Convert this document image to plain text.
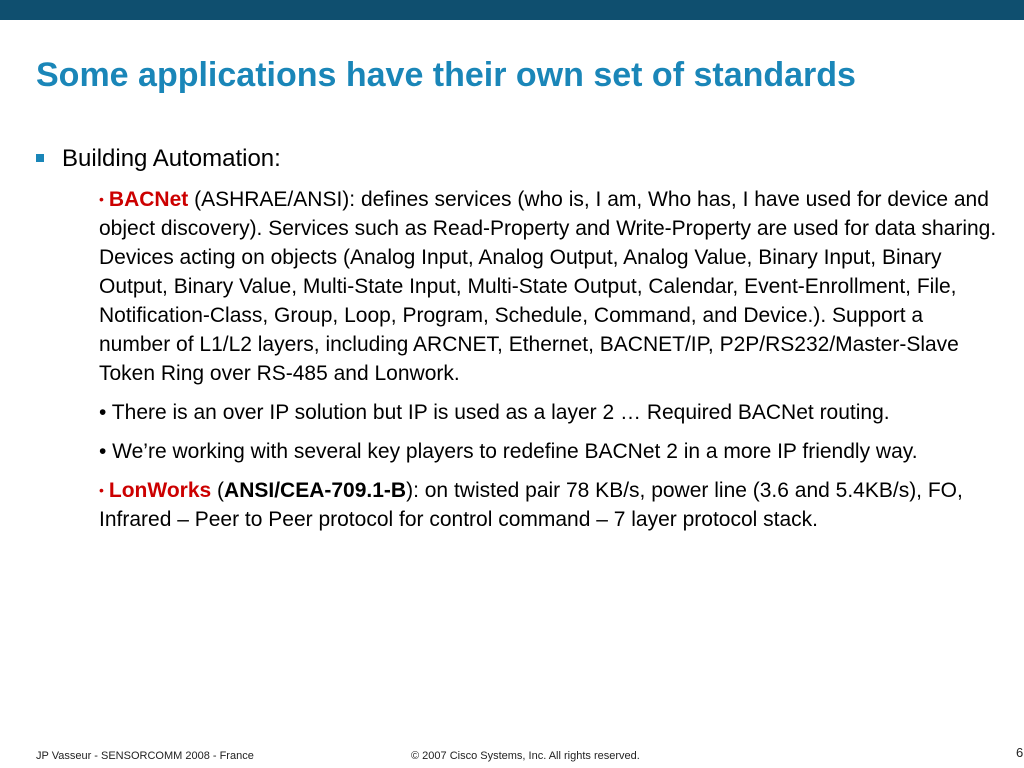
Some applications have their own set of standards
Building Automation:

• BACNet (ASHRAE/ANSI): defines services (who is, I am, Who has, I have used for device and object discovery). Services such as Read-Property and Write-Property are used for data sharing. Devices acting on objects (Analog Input, Analog Output, Analog Value, Binary Input, Binary Output, Binary Value, Multi-State Input, Multi-State Output, Calendar, Event-Enrollment, File, Notification-Class, Group, Loop, Program, Schedule, Command, and Device.). Support a number of L1/L2 layers, including ARCNET, Ethernet, BACNET/IP, P2P/RS232/Master-Slave Token Ring over RS-485 and Lonwork.

• There is an over IP solution but IP is used as a layer 2 … Required BACNet routing.

• We’re working with several key players to redefine BACNet 2 in a more IP friendly way.

• LonWorks (ANSI/CEA-709.1-B): on twisted pair 78 KB/s, power line (3.6 and 5.4KB/s), FO, Infrared – Peer to Peer protocol for control command – 7 layer protocol stack.

JP Vasseur - SENSORCOMM 2008 - France	© 2007 Cisco Systems, Inc. All rights reserved.	6
